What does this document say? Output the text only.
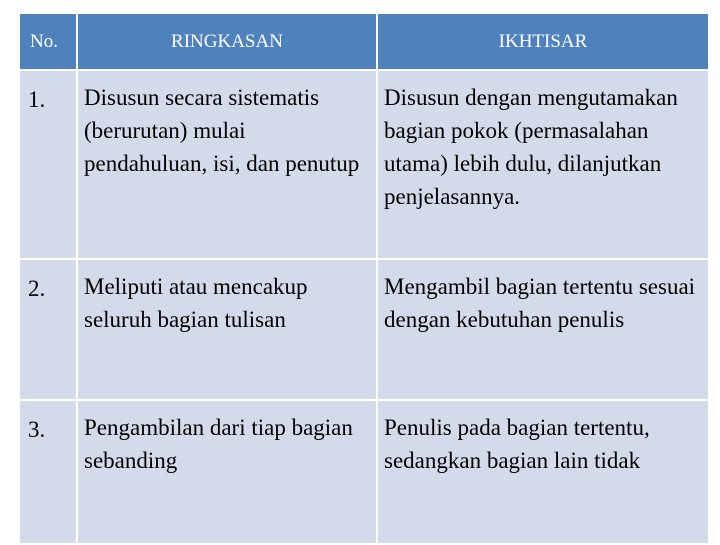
No.	RINGKASAN	IKHTISAR
1.	Disusun secara sistematis (berurutan) mulai pendahuluan, isi, dan penutup	Disusun dengan mengutamakan bagian pokok (permasalahan utama) lebih dulu, dilanjutkan penjelasannya.
2.	Meliputi atau mencakup seluruh bagian tulisan	Mengambil bagian tertentu sesuai dengan kebutuhan penulis
3.	Pengambilan dari tiap bagian sebanding	Penulis pada bagian tertentu, sedangkan bagian lain tidak
